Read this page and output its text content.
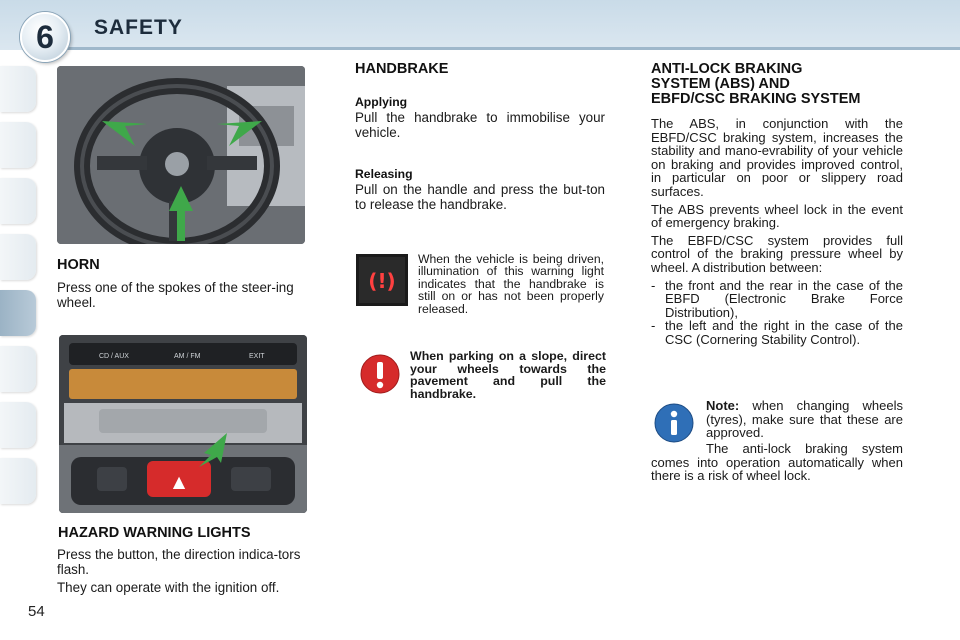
6	SAFETY
HORN
Press one of the spokes of the steer-ing wheel.
CD / AUX	AM / FM	EXIT
▲
HAZARD WARNING LIGHTS

Press the button, the direction indica-tors flash.

They can operate with the ignition off.

HANDBRAKE
Applying
Pull the handbrake to immobilise your vehicle.
Releasing
Pull on the handle and press the but-ton to release the handbrake.
(!)
When the vehicle is being driven, illumination of this warning light indicates that the handbrake is still on or has not been properly released.
When parking on a slope, direct your wheels towards the pavement and pull the handbrake.
ANTI-LOCK BRAKING
SYSTEM (ABS) AND
EBFD/CSC BRAKING SYSTEM

The ABS, in conjunction with the EBFD/CSC braking system, increases the stability and mano-evrability of your vehicle on braking and provides improved control, in particular on poor or slippery road surfaces.

The ABS prevents wheel lock in the event of emergency braking.

The EBFD/CSC system provides full control of the braking pressure wheel by wheel. A distribution between:

- the front and the rear in the case of the EBFD (Electronic Brake Force Distribution),
- the left and the right in the case of the CSC (Cornering Stability Control).
Note: when changing wheels (tyres), make sure that these are approved.
The anti-lock braking system comes into operation automatically when there is a risk of wheel lock.
54
